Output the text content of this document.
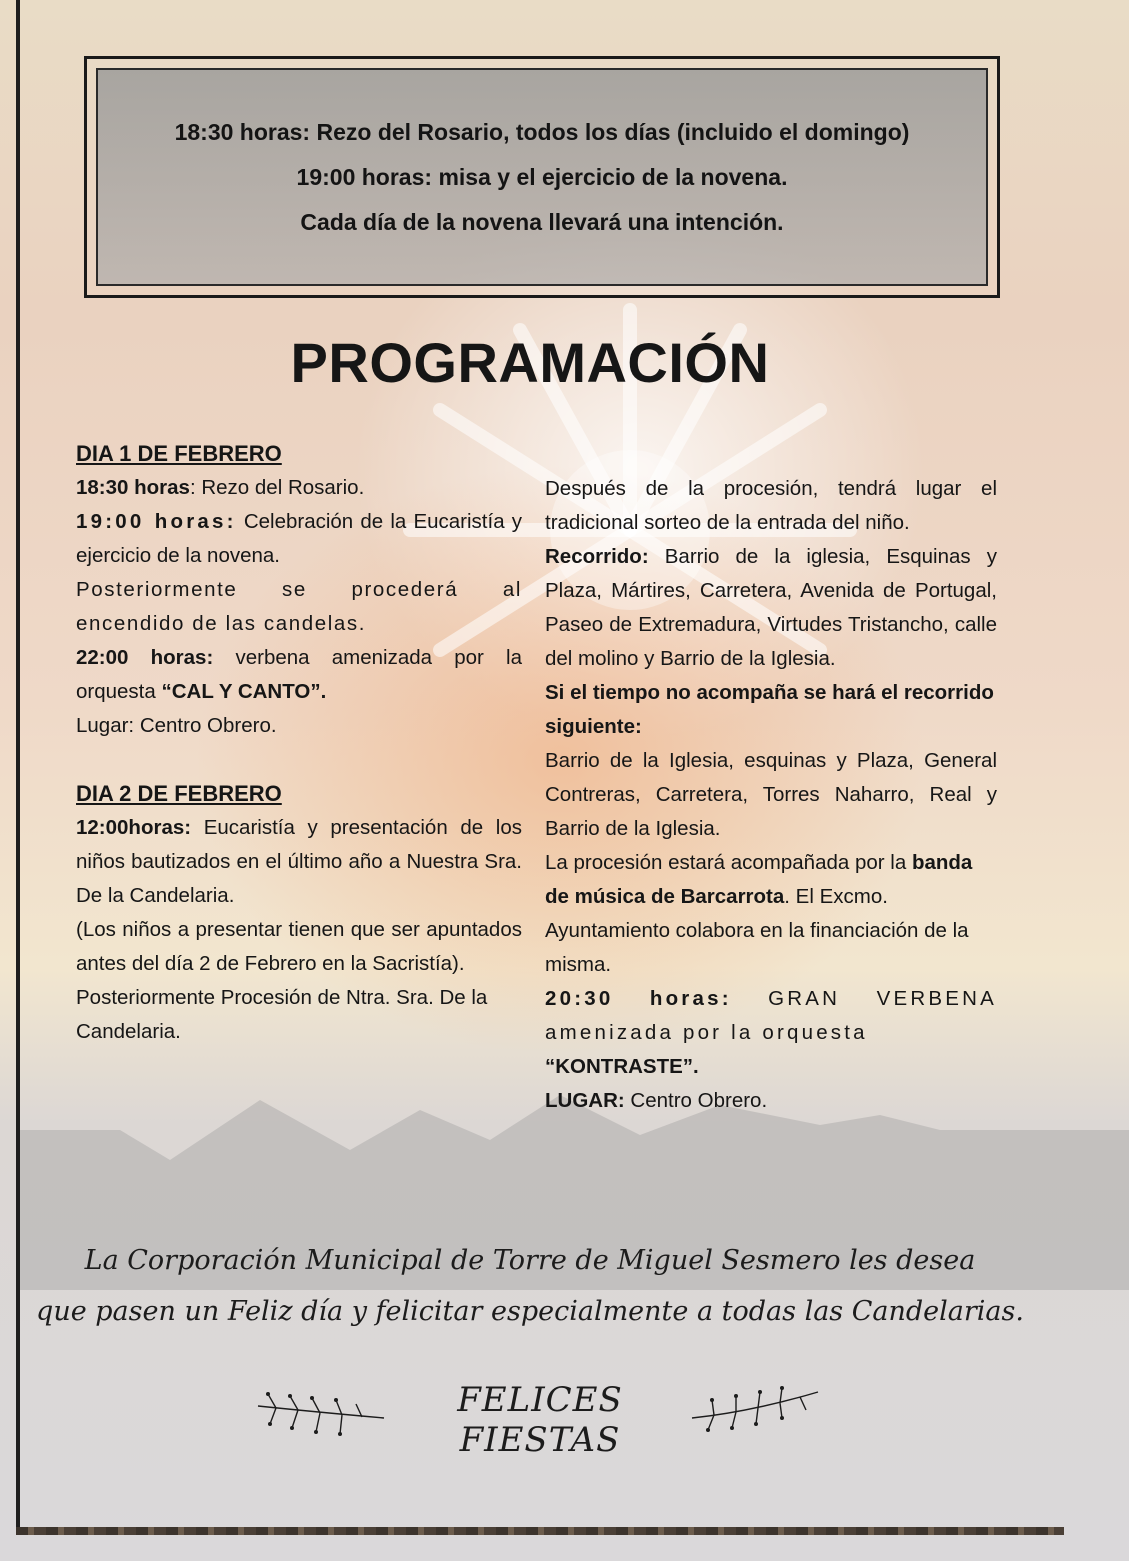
18:30 horas: Rezo del Rosario, todos los días (incluido el domingo)
19:00 horas: misa y el ejercicio de la novena.
Cada día de la novena llevará una intención.
PROGRAMACIÓN

DIA 1 DE FEBRERO

18:30 horas: Rezo del Rosario.

19:00 horas: Celebración de la Eucaristía y ejercicio de la novena.

Posteriormente se procederá al encendido de las candelas.

22:00 horas: verbena amenizada por la orquesta “CAL Y CANTO”.

Lugar: Centro Obrero.

DIA 2 DE FEBRERO

12:00horas: Eucaristía y presentación de los niños bautizados en el último año a Nuestra Sra. De la Candelaria.

(Los niños a presentar tienen que ser apuntados antes del día 2 de Febrero en la Sacristía).

Posteriormente Procesión de Ntra. Sra. De la Candelaria.

Después de la procesión, tendrá lugar el tradicional sorteo de la entrada del niño.

Recorrido: Barrio de la iglesia, Esquinas y Plaza, Mártires, Carretera, Avenida de Portugal, Paseo de Extremadura, Virtudes Tristancho, calle del molino y Barrio de la Iglesia.

Si el tiempo no acompaña se hará el recorrido siguiente:

Barrio de la Iglesia, esquinas y Plaza, General Contreras, Carretera, Torres Naharro, Real y Barrio de la Iglesia.

La procesión estará acompañada por la banda de música de Barcarrota. El Excmo. Ayuntamiento colabora en la financiación de la misma.

20:30 horas: GRAN VERBENA amenizada por la orquesta

“KONTRASTE”.

LUGAR: Centro Obrero.

La Corporación Municipal de Torre de Miguel Sesmero les desea
que pasen un Feliz día y felicitar especialmente a todas las Candelarias.
FELICES FIESTAS
